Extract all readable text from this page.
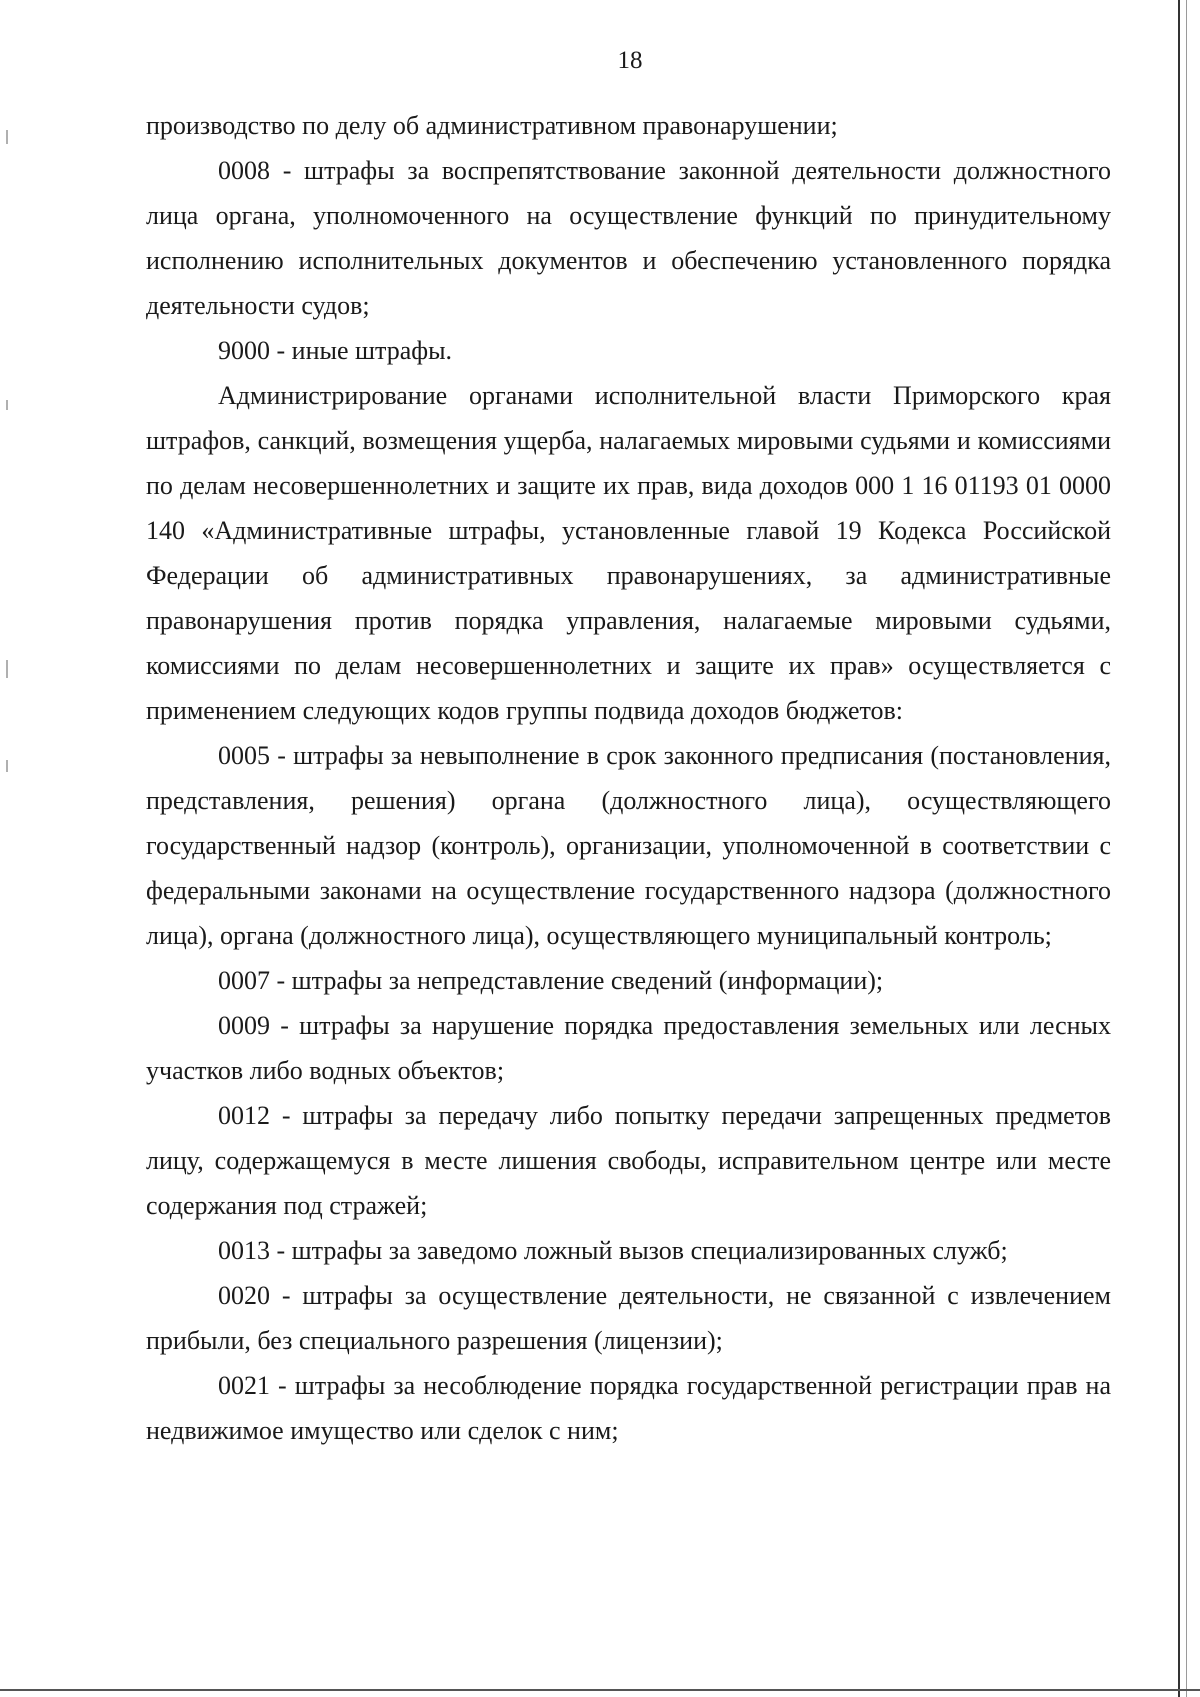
18

производство по делу об административном правонарушении;

0008 - штрафы за воспрепятствование законной деятельности должностного лица органа, уполномоченного на осуществление функций по принудительному исполнению исполнительных документов и обеспечению установленного порядка деятельности судов;

9000 - иные штрафы.

Администрирование органами исполнительной власти Приморского края штрафов, санкций, возмещения ущерба, налагаемых мировыми судьями и комиссиями по делам несовершеннолетних и защите их прав, вида доходов 000 1 16 01193 01 0000 140 «Административные штрафы, установленные главой 19 Кодекса Российской Федерации об административных правонарушениях, за административные правонарушения против порядка управления, налагаемые мировыми судьями, комиссиями по делам несовершеннолетних и защите их прав» осуществляется с применением следующих кодов группы подвида доходов бюджетов:

0005 - штрафы за невыполнение в срок законного предписания (постановления, представления, решения) органа (должностного лица), осуществляющего государственный надзор (контроль), организации, уполномоченной в соответствии с федеральными законами на осуществление государственного надзора (должностного лица), органа (должностного лица), осуществляющего муниципальный контроль;

0007 - штрафы за непредставление сведений (информации);

0009 - штрафы за нарушение порядка предоставления земельных или лесных участков либо водных объектов;

0012 - штрафы за передачу либо попытку передачи запрещенных предметов лицу, содержащемуся в месте лишения свободы, исправительном центре или месте содержания под стражей;

0013 - штрафы за заведомо ложный вызов специализированных служб;

0020 - штрафы за осуществление деятельности, не связанной с извлечением прибыли, без специального разрешения (лицензии);

0021 - штрафы за несоблюдение порядка государственной регистрации прав на недвижимое имущество или сделок с ним;
